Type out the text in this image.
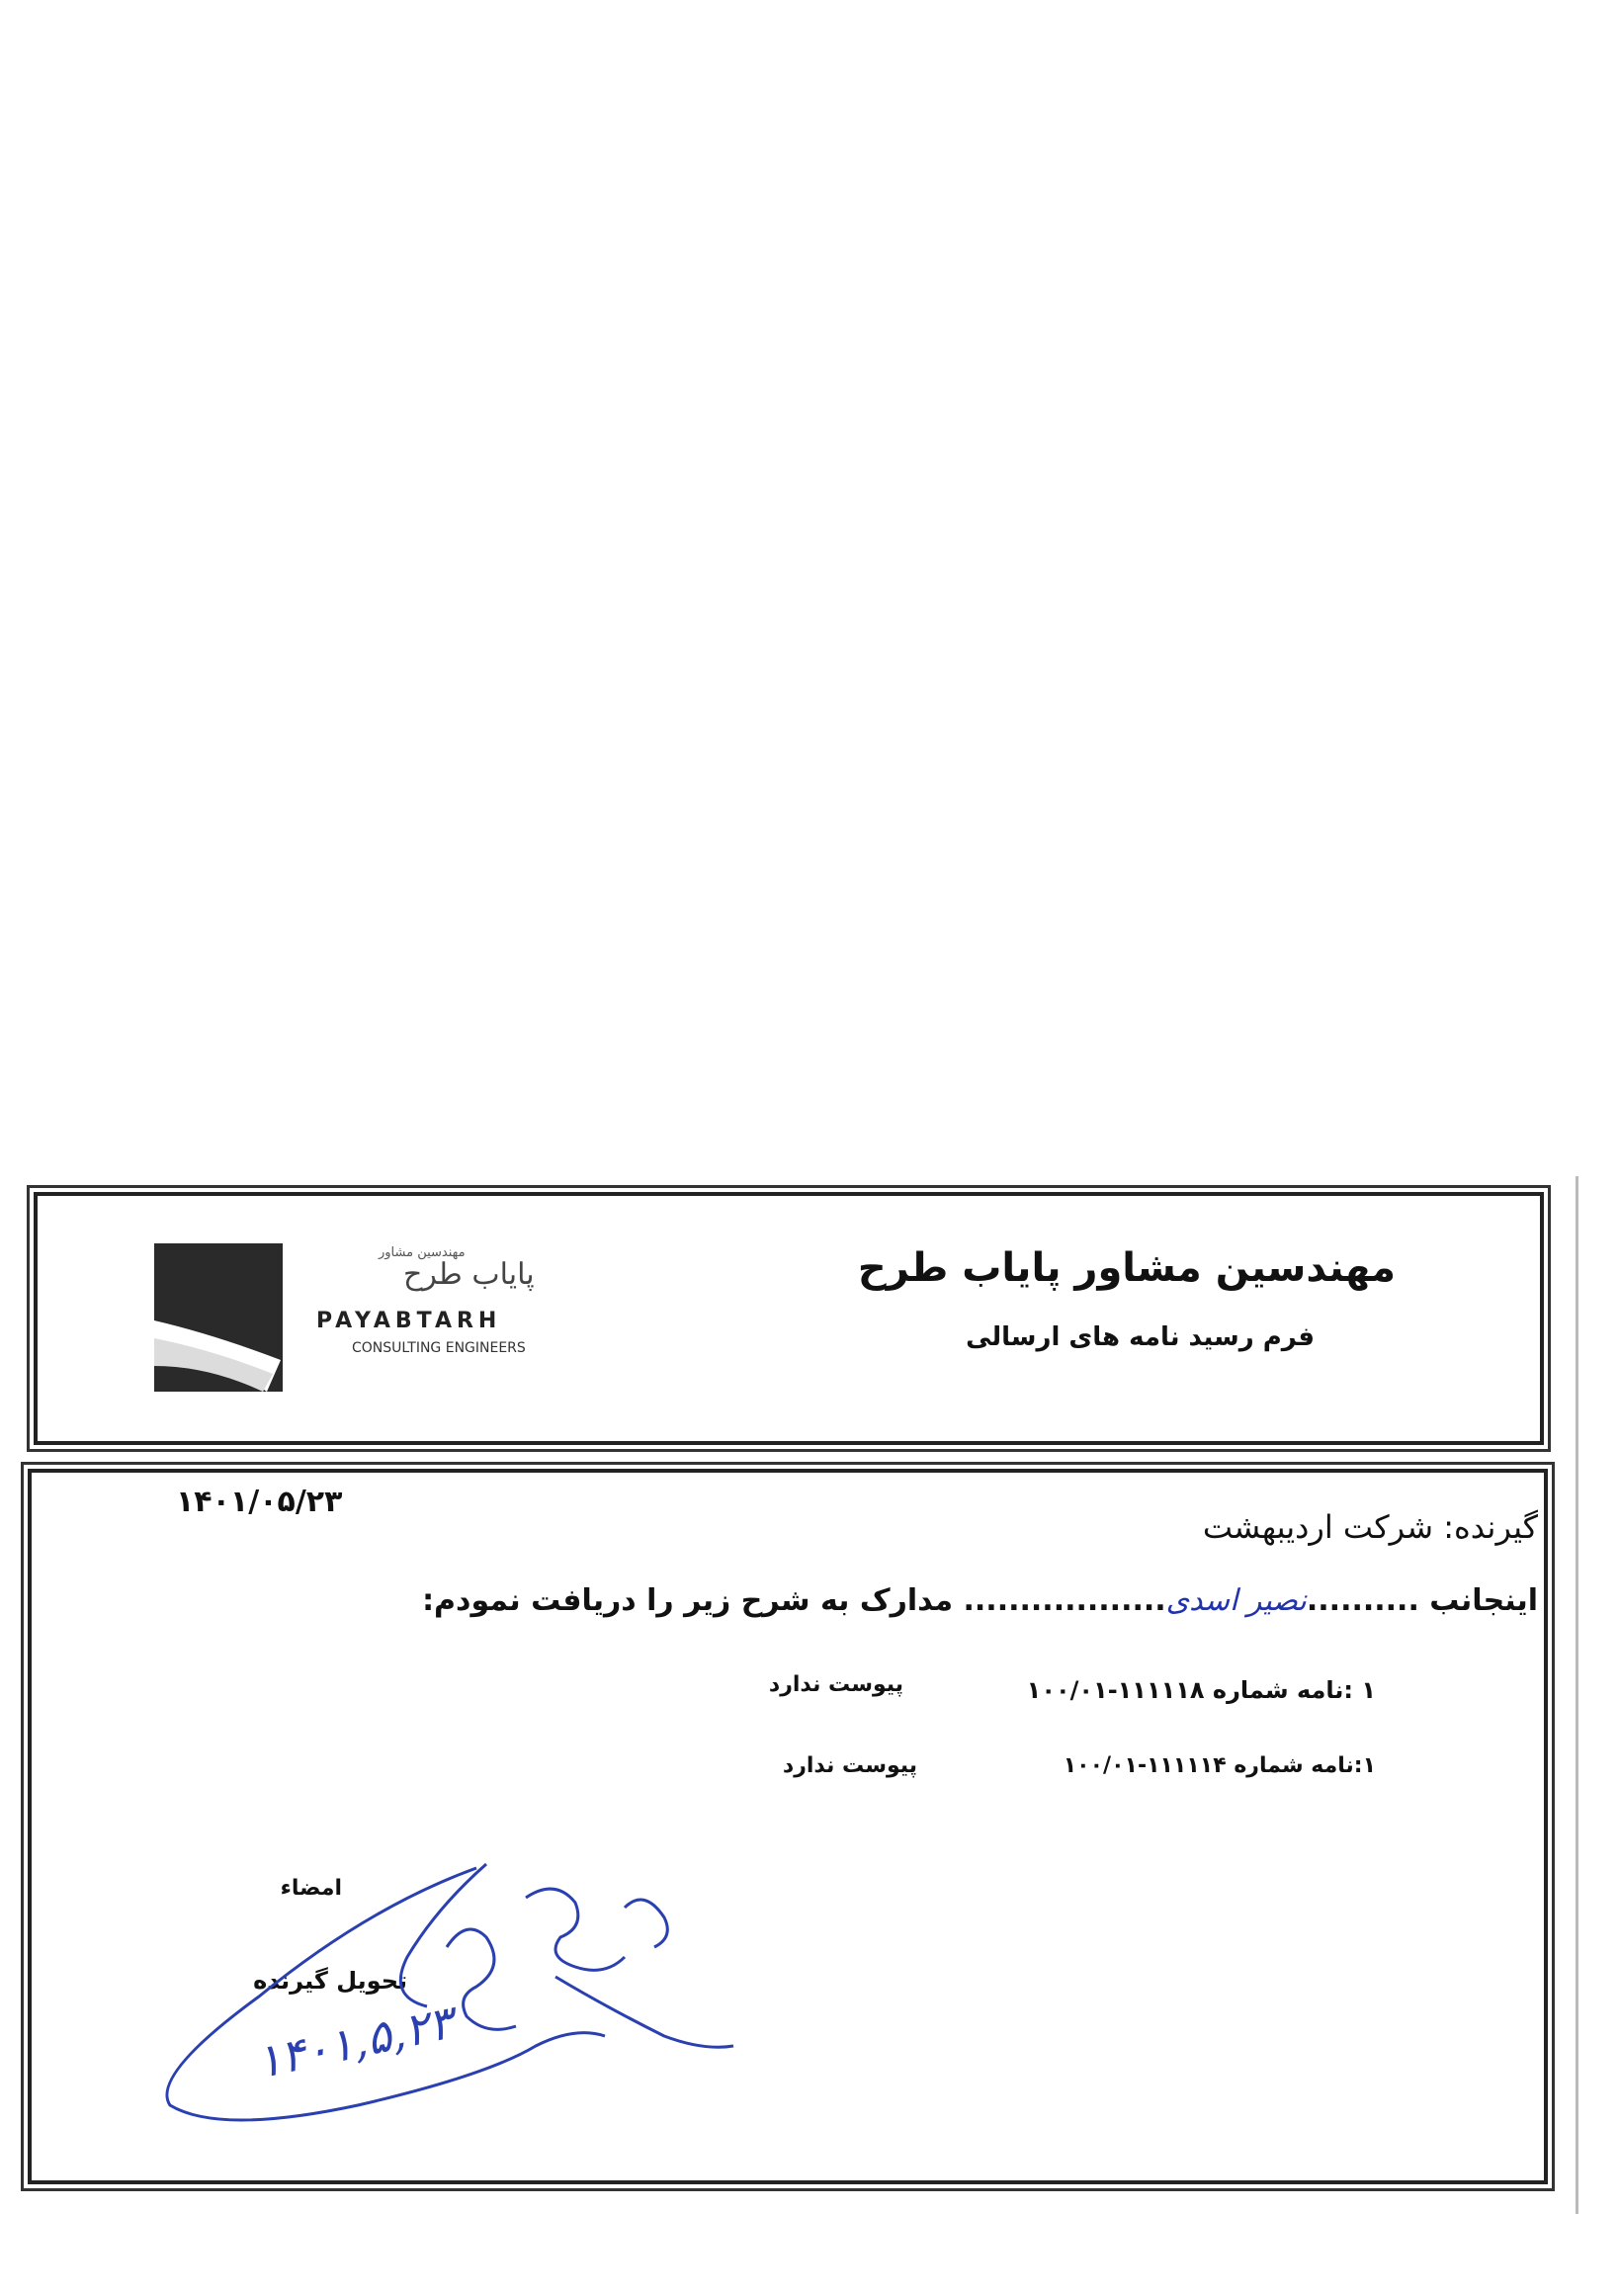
مهندسین مشاور
پایاب طرح
PAYABTARH
CONSULTING ENGINEERS
مهندسین مشاور پایاب طرح
فرم رسید نامه های ارسالی
۱۴۰۱/۰۵/۲۳
گیرنده: شرکت اردیبهشت
اینجانب ..........نصیر اسدی.................. مدارک به شرح زیر را دریافت نمودم:
۱ :نامه شماره ۱۱۱۱۱۸-۱۰۰/۰۱
پیوست ندارد
۱:نامه شماره ۱۱۱۱۱۴-۱۰۰/۰۱
پیوست ندارد
امضاء
تحویل گیرنده
۱۴۰۱,۵,۲۳
